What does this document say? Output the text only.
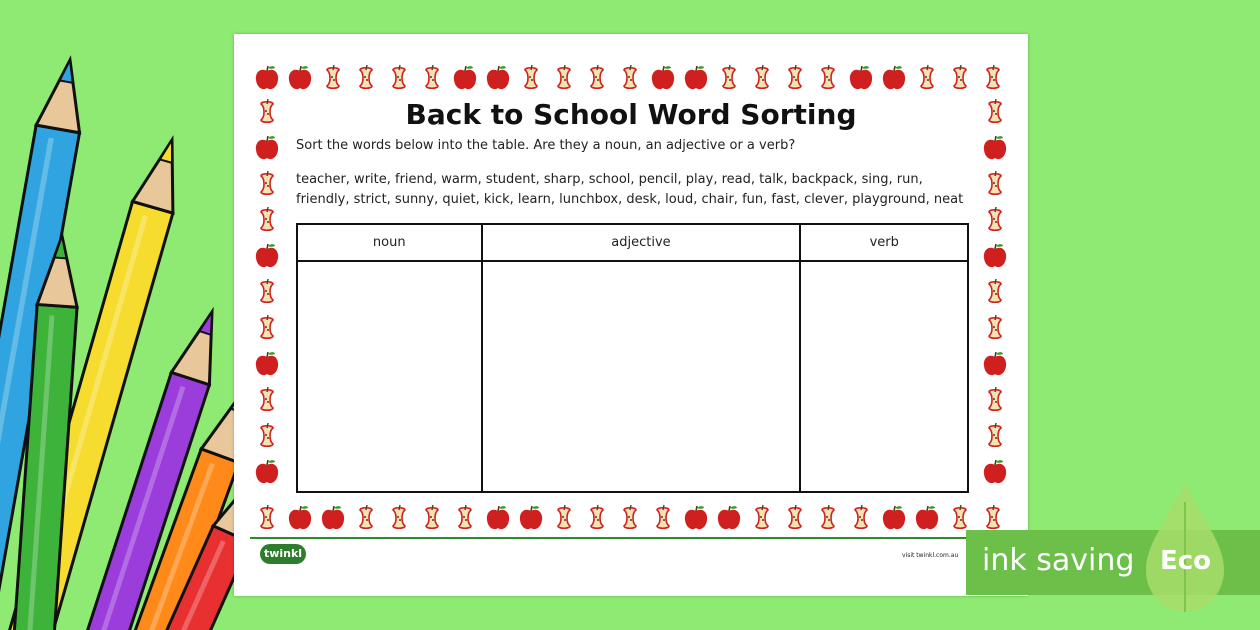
Back to School Word Sorting
Sort the words below into the table. Are they a noun, an adjective or a verb?
teacher, write, friend, warm, student, sharp, school, pencil, play, read, talk, backpack, sing, run,
friendly, strict, sunny, quiet, kick, learn, lunchbox, desk, loud, chair, fun, fast, clever, playground, neat
noun	adjective	verb

twinkl	visit twinkl.com.au ink saving Eco
